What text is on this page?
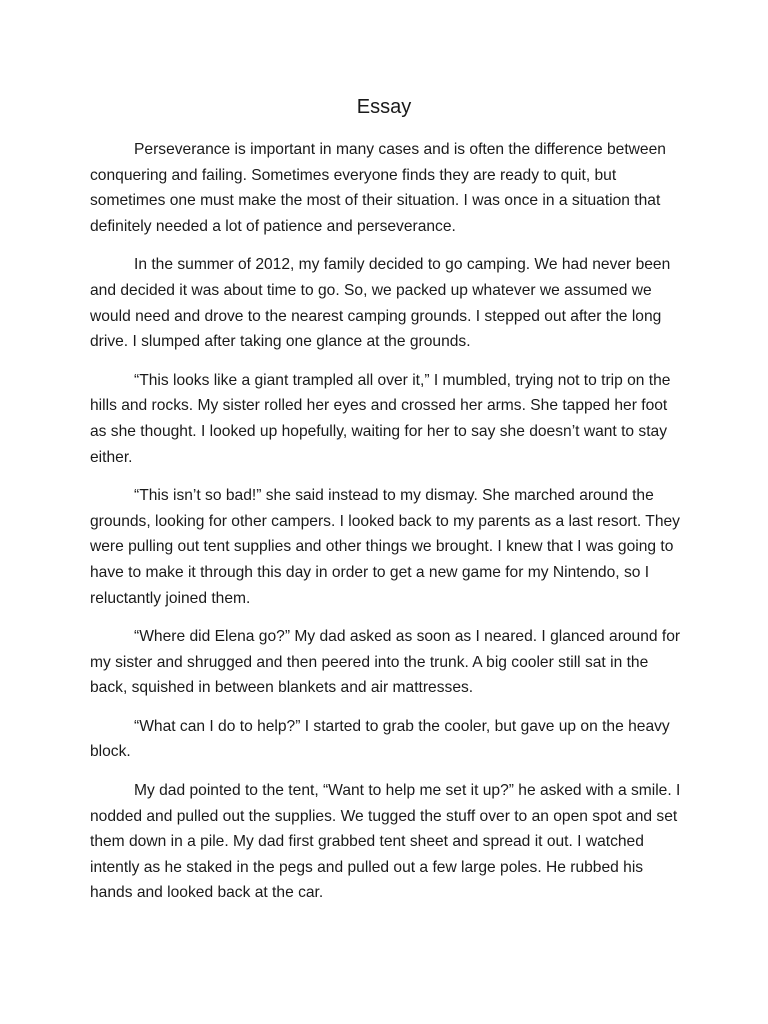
Essay

Perseverance is important in many cases and is often the difference between conquering and failing. Sometimes everyone finds they are ready to quit, but sometimes one must make the most of their situation. I was once in a situation that definitely needed a lot of patience and perseverance.

In the summer of 2012, my family decided to go camping. We had never been and decided it was about time to go. So, we packed up whatever we assumed we would need and drove to the nearest camping grounds. I stepped out after the long drive. I slumped after taking one glance at the grounds.

“This looks like a giant trampled all over it,” I mumbled, trying not to trip on the hills and rocks. My sister rolled her eyes and crossed her arms. She tapped her foot as she thought. I looked up hopefully, waiting for her to say she doesn’t want to stay either.

“This isn’t so bad!” she said instead to my dismay. She marched around the grounds, looking for other campers. I looked back to my parents as a last resort. They were pulling out tent supplies and other things we brought. I knew that I was going to have to make it through this day in order to get a new game for my Nintendo, so I reluctantly joined them.

“Where did Elena go?” My dad asked as soon as I neared. I glanced around for my sister and shrugged and then peered into the trunk. A big cooler still sat in the back, squished in between blankets and air mattresses.

“What can I do to help?” I started to grab the cooler, but gave up on the heavy block.

My dad pointed to the tent, “Want to help me set it up?” he asked with a smile. I nodded and pulled out the supplies. We tugged the stuff over to an open spot and set them down in a pile. My dad first grabbed tent sheet and spread it out. I watched intently as he staked in the pegs and pulled out a few large poles. He rubbed his hands and looked back at the car.
